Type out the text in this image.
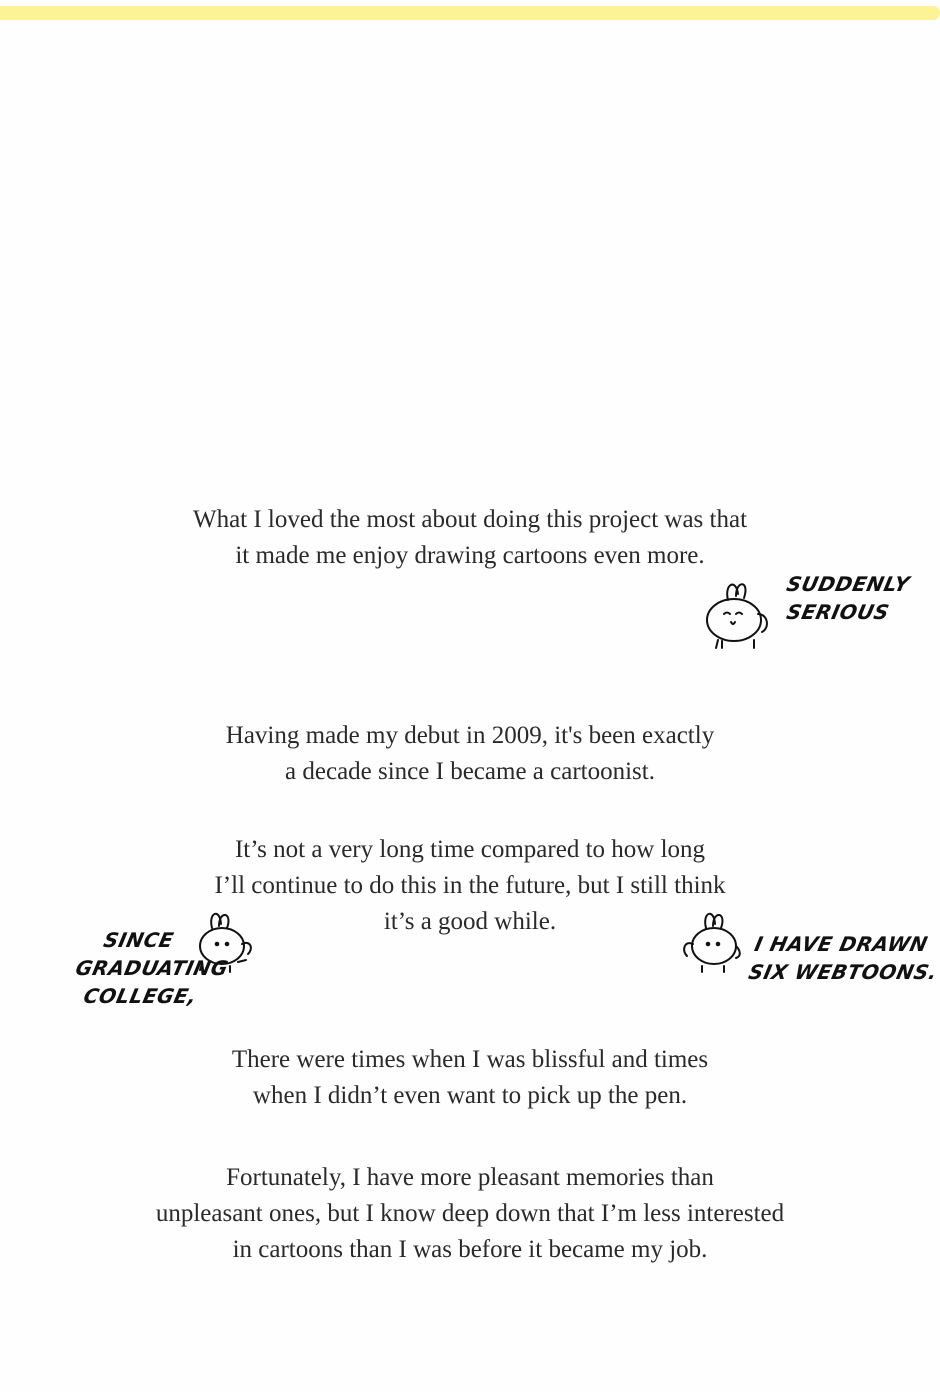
What I loved the most about doing this project was that
it made me enjoy drawing cartoons even more.
SUDDENLY
SERIOUS
Having made my debut in 2009, it's been exactly
a decade since I became a cartoonist.
It’s not a very long time compared to how long
I’ll continue to do this in the future, but I still think
it’s a good while.
SINCE
GRADUATING
COLLEGE,
I HAVE DRAWN
SIX WEBTOONS.
There were times when I was blissful and times
when I didn’t even want to pick up the pen.
Fortunately, I have more pleasant memories than
unpleasant ones, but I know deep down that I’m less interested
in cartoons than I was before it became my job.
